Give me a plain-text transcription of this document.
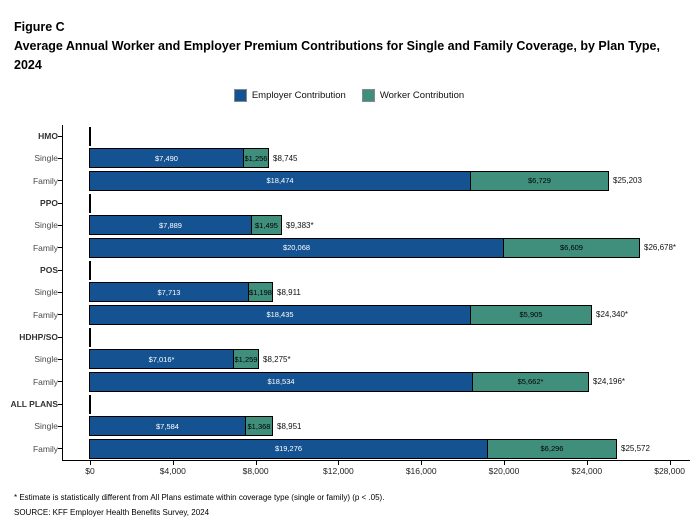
Figure C
Average Annual Worker and Employer Premium Contributions for Single and Family Coverage, by Plan Type, 2024
Employer Contribution	Worker Contribution
HMO
Single	$7,490	$1,256 $8,745
Family	$18,474	$6,729	$25,203
PPO
Single	$7,889	$1,495	$9,383*
Family	$20,068	$6,609	$26,678*
POS
Single	$7,713	$1,198 $8,911
Family	$18,435	$5,905	$24,340*
HDHP/SO
Single	$7,016*	$1,259 $8,275*
Family	$18,534	$5,662*	$24,196*
ALL PLANS
Single	$7,584	$1,368 $8,951
Family	$19,276	$6,296	$25,572
$0	$4,000	$8,000	$12,000	$16,000	$20,000	$24,000	$28,000
* Estimate is statistically different from All Plans estimate within coverage type (single or family) (p < .05).
SOURCE: KFF Employer Health Benefits Survey, 2024
